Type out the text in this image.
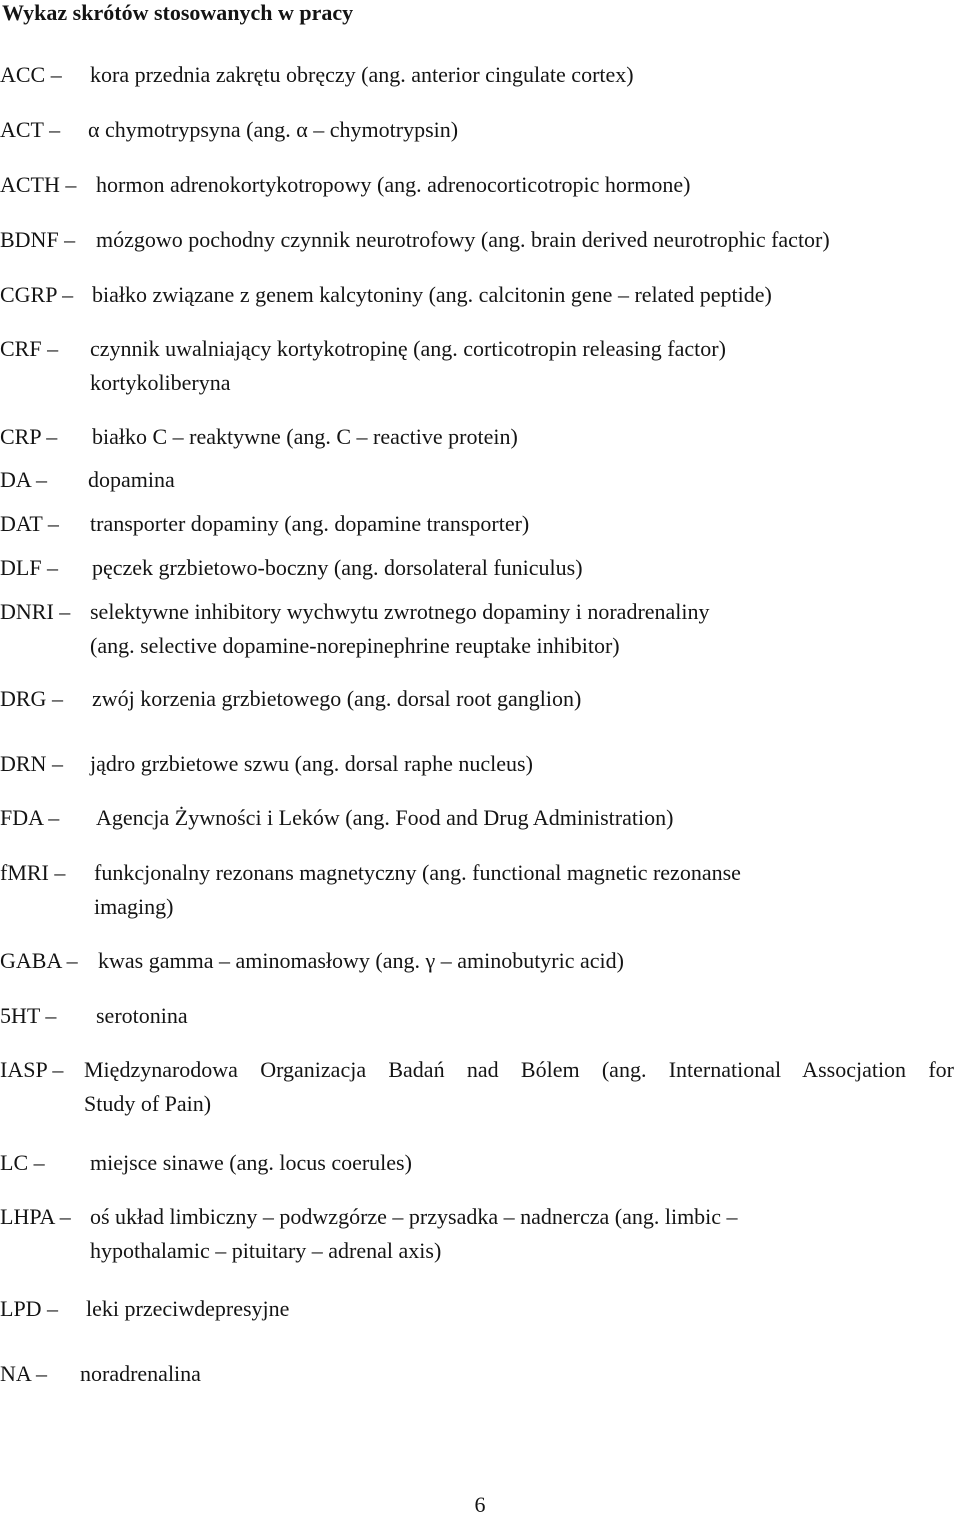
Wykaz skrótów stosowanych w pracy
ACC – kora przednia zakrętu obręczy (ang. anterior cingulate cortex)
ACT – α chymotrypsyna (ang. α – chymotrypsin)
ACTH – hormon adrenokortykotropowy (ang. adrenocorticotropic hormone)
BDNF – mózgowo pochodny czynnik neurotrofowy (ang. brain derived neurotrophic factor)
CGRP – białko związane z genem kalcytoniny (ang. calcitonin gene – related peptide)
CRF – czynnik uwalniający kortykotropinę (ang. corticotropin releasing factor)
kortykoliberyna
CRP – białko C – reaktywne (ang. C – reactive protein)
DA – dopamina
DAT – transporter dopaminy (ang. dopamine transporter)
DLF – pęczek grzbietowo-boczny (ang. dorsolateral funiculus)
DNRI – selektywne inhibitory wychwytu zwrotnego dopaminy i noradrenaliny
(ang. selective dopamine-norepinephrine reuptake inhibitor)
DRG – zwój korzenia grzbietowego (ang. dorsal root ganglion)
DRN – jądro grzbietowe szwu (ang. dorsal raphe nucleus)
FDA – Agencja Żywności i Leków (ang. Food and Drug Administration)
fMRI – funkcjonalny rezonans magnetyczny (ang. functional magnetic rezonanse
imaging)
GABA – kwas gamma – aminomasłowy (ang. γ – aminobutyric acid)
5HT – serotonina
IASP – Międzynarodowa Organizacja Badań nad Bólem (ang. International Assocjation for
Study of Pain)
LC – miejsce sinawe (ang. locus coerules)
LHPA – oś układ limbiczny – podwzgórze – przysadka – nadnercza (ang. limbic –
hypothalamic – pituitary – adrenal axis)
LPD – leki przeciwdepresyjne
NA – noradrenalina
6
